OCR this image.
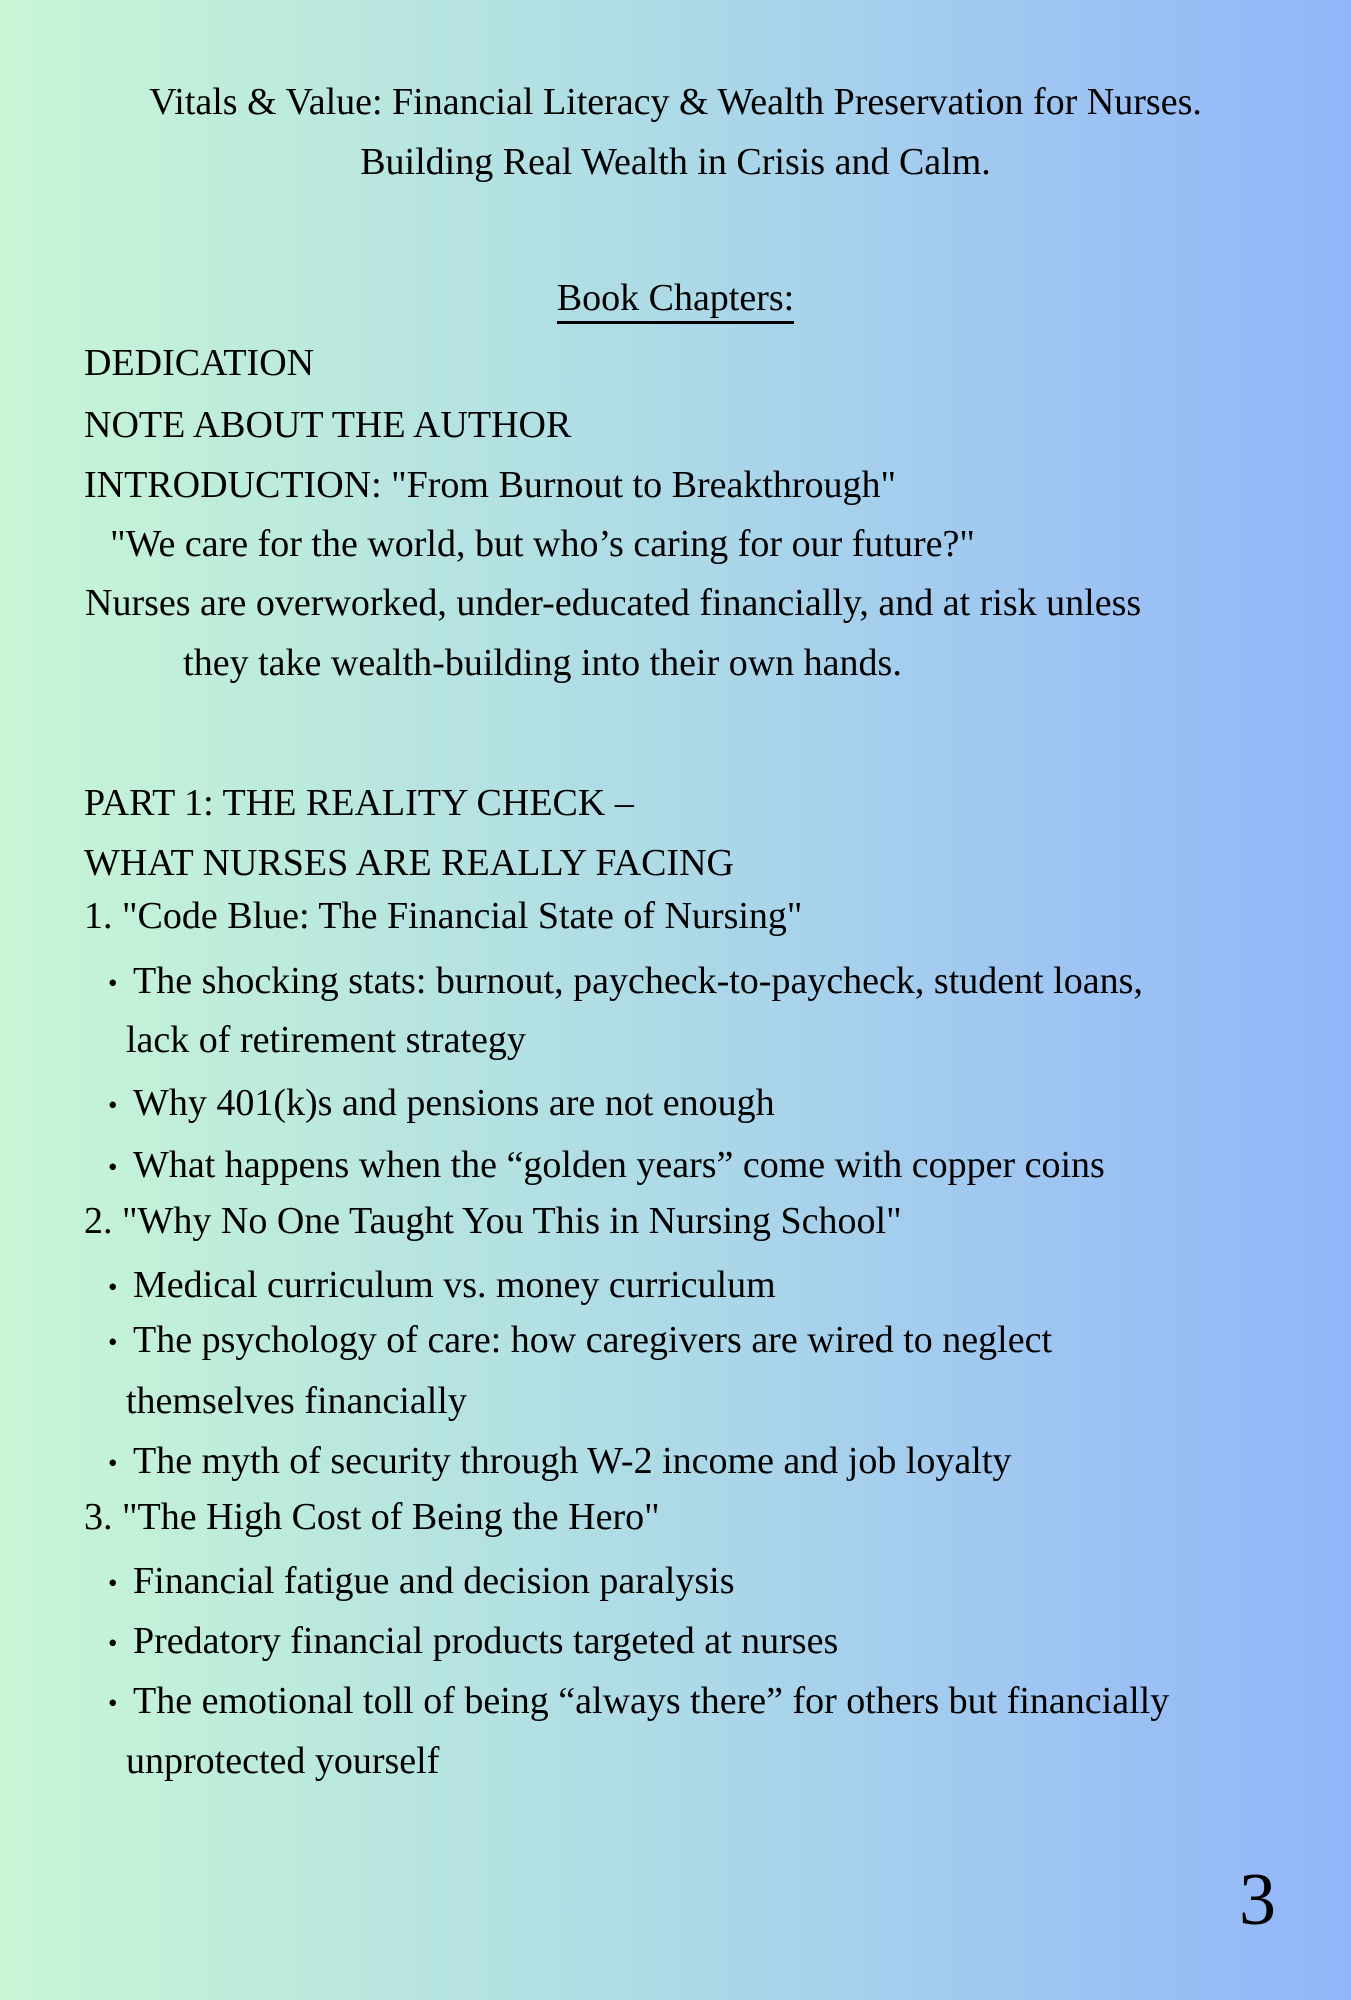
Vitals & Value: Financial Literacy & Wealth Preservation for Nurses.
Building Real Wealth in Crisis and Calm.
Book Chapters:
DEDICATION
NOTE ABOUT THE AUTHOR
INTRODUCTION: "From Burnout to Breakthrough"
"We care for the world, but who’s caring for our future?"
Nurses are overworked, under-educated financially, and at risk unless
they take wealth-building into their own hands.
PART 1: THE REALITY CHECK –
WHAT NURSES ARE REALLY FACING
1. "Code Blue: The Financial State of Nursing"
• The shocking stats: burnout, paycheck-to-paycheck, student loans,
lack of retirement strategy
• Why 401(k)s and pensions are not enough
• What happens when the “golden years” come with copper coins
2. "Why No One Taught You This in Nursing School"
• Medical curriculum vs. money curriculum
• The psychology of care: how caregivers are wired to neglect
themselves financially
• The myth of security through W-2 income and job loyalty
3. "The High Cost of Being the Hero"
• Financial fatigue and decision paralysis
• Predatory financial products targeted at nurses
• The emotional toll of being “always there” for others but financially
unprotected yourself
3
